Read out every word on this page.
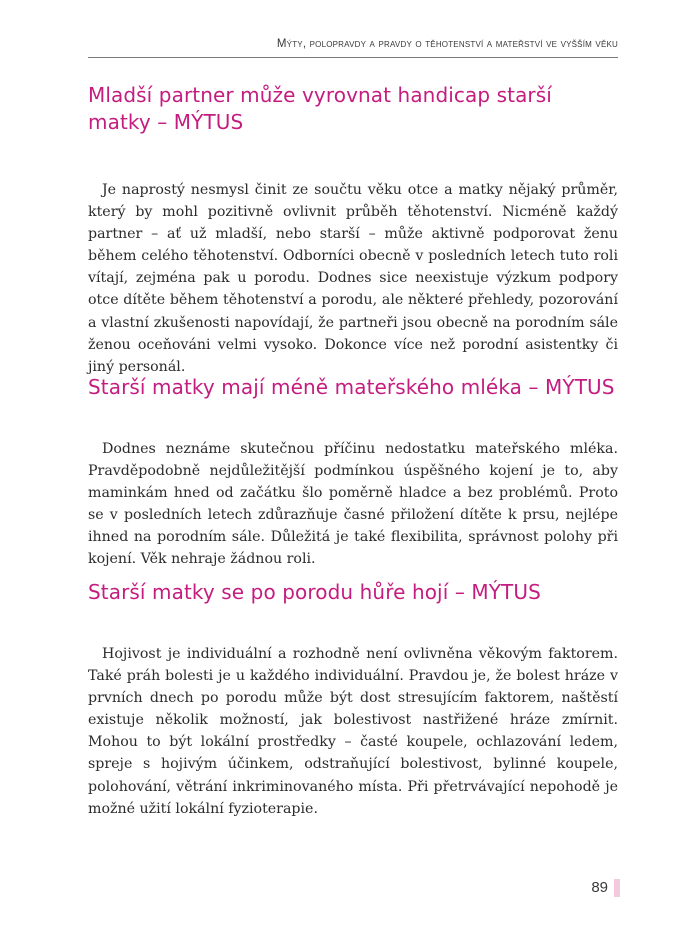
Mýty, polopravdy a pravdy o těhotenství a mateřství ve vyšším věku
Mladší partner může vyrovnat handicap starší matky – MÝTUS

Je naprostý nesmysl činit ze součtu věku otce a matky nějaký průměr, který by mohl pozitivně ovlivnit průběh těhotenství. Nicméně každý partner – ať už mladší, nebo starší – může aktivně podporovat ženu během celého těhotenství. Odborníci obecně v posledních letech tuto roli vítají, zejména pak u porodu. Dodnes sice neexistuje výzkum podpory otce dítěte během těhotenství a porodu, ale některé přehledy, pozorování a vlastní zkušenosti napovídají, že partneři jsou obecně na porodním sále ženou oceňováni velmi vysoko. Dokonce více než porodní asistentky či jiný personál.

Starší matky mají méně mateřského mléka – MÝTUS

Dodnes neznáme skutečnou příčinu nedostatku mateřského mléka. Pravděpodobně nejdůležitější podmínkou úspěšného kojení je to, aby maminkám hned od začátku šlo poměrně hladce a bez problémů. Proto se v posledních letech zdůrazňuje časné přiložení dítěte k prsu, nejlépe ihned na porodním sále. Důležitá je také flexibilita, správnost polohy při kojení. Věk nehraje žádnou roli.

Starší matky se po porodu hůře hojí – MÝTUS

Hojivost je individuální a rozhodně není ovlivněna věkovým faktorem. Také práh bolesti je u každého individuální. Pravdou je, že bolest hráze v prvních dnech po porodu může být dost stresujícím faktorem, naštěstí existuje několik možností, jak bolestivost nastřižené hráze zmírnit. Mohou to být lokální prostředky – časté koupele, ochlazování ledem, spreje s hojivým účinkem, odstraňující bolestivost, bylinné koupele, polohování, větrání inkriminovaného místa. Při přetrvávající nepohodě je možné užití lokální fyzioterapie.

89
